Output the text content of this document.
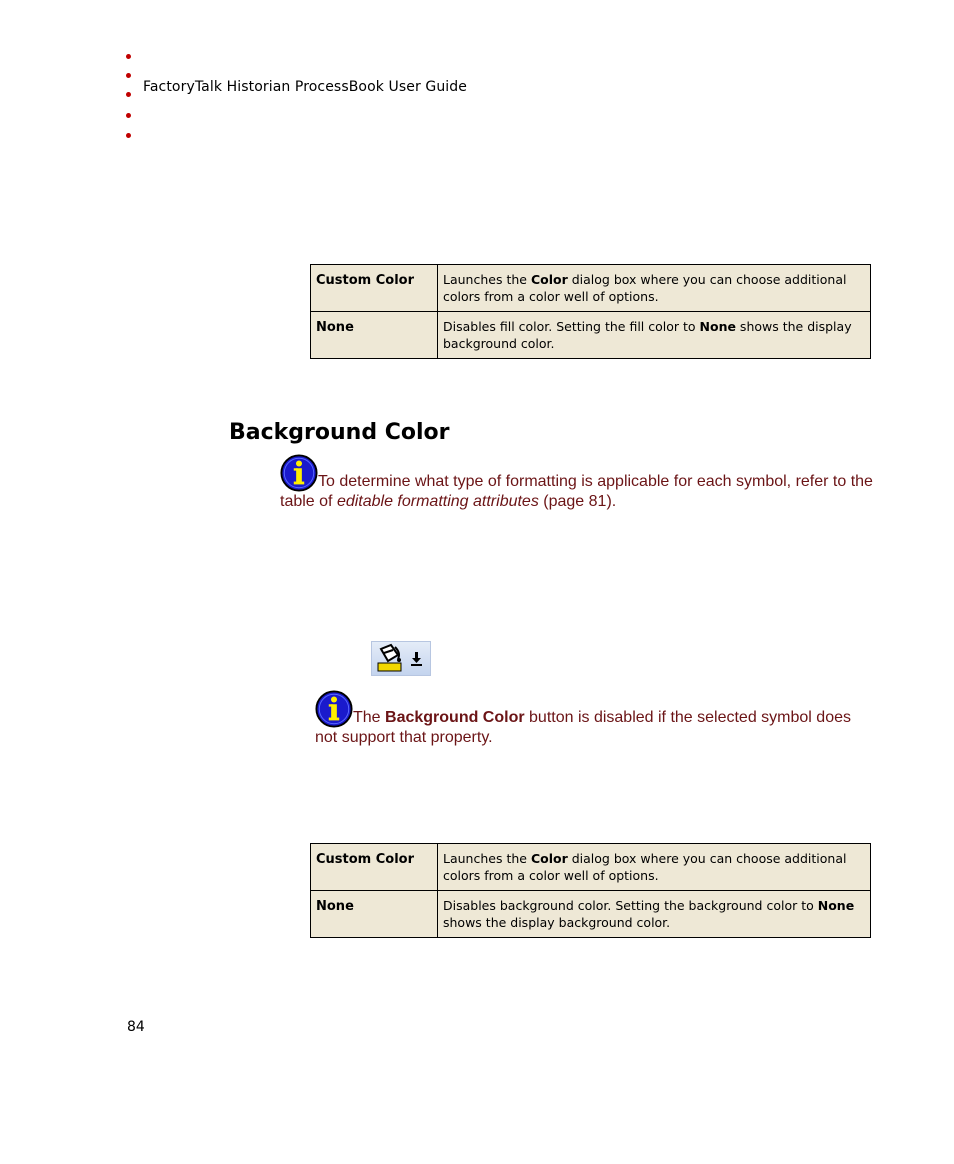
FactoryTalk Historian ProcessBook User Guide
Custom Color	Launches the Color dialog box where you can choose additional colors from a color well of options.
None	Disables fill color. Setting the fill color to None shows the display background color.
Background Color
To determine what type of formatting is applicable for each symbol, refer to the table of editable formatting attributes (page 81).
The Background Color button is disabled if the selected symbol does not support that property.
Custom Color	Launches the Color dialog box where you can choose additional colors from a color well of options.
None	Disables background color. Setting the background color to None shows the display background color.
84
